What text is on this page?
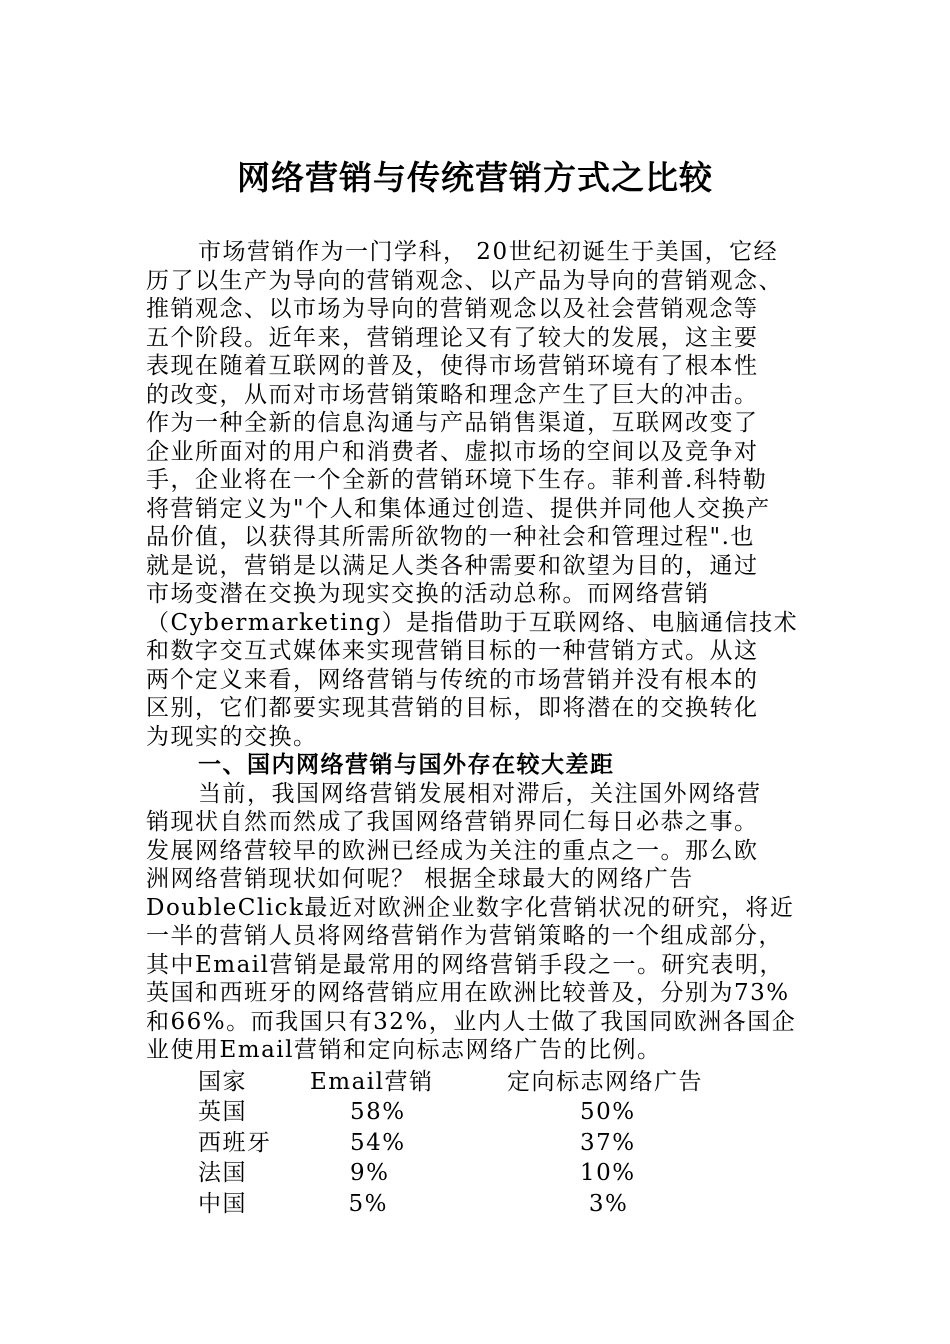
网络营销与传统营销方式之比较
市场营销作为一门学科， 20世纪初诞生于美国，它经
历了以生产为导向的营销观念、以产品为导向的营销观念、
推销观念、以市场为导向的营销观念以及社会营销观念等
五个阶段。近年来，营销理论又有了较大的发展，这主要
表现在随着互联网的普及，使得市场营销环境有了根本性
的改变，从而对市场营销策略和理念产生了巨大的冲击。
作为一种全新的信息沟通与产品销售渠道，互联网改变了
企业所面对的用户和消费者、虚拟市场的空间以及竞争对
手，企业将在一个全新的营销环境下生存。菲利普.科特勒
将营销定义为"个人和集体通过创造、提供并同他人交换产
品价值，以获得其所需所欲物的一种社会和管理过程".也
就是说，营销是以满足人类各种需要和欲望为目的，通过
市场变潜在交换为现实交换的活动总称。而网络营销
（Cybermarketing）是指借助于互联网络、电脑通信技术
和数字交互式媒体来实现营销目标的一种营销方式。从这
两个定义来看，网络营销与传统的市场营销并没有根本的
区别，它们都要实现其营销的目标，即将潜在的交换转化
为现实的交换。
一、国内网络营销与国外存在较大差距
当前，我国网络营销发展相对滞后，关注国外网络营
销现状自然而然成了我国网络营销界同仁每日必恭之事。
发展网络营较早的欧洲已经成为关注的重点之一。那么欧
洲网络营销现状如何呢？ 根据全球最大的网络广告
DoubleClick最近对欧洲企业数字化营销状况的研究，将近
一半的营销人员将网络营销作为营销策略的一个组成部分，
其中Email营销是最常用的网络营销手段之一。研究表明，
英国和西班牙的网络营销应用在欧洲比较普及，分别为73%
和66%。而我国只有32%，业内人士做了我国同欧洲各国企
业使用Email营销和定向标志网络广告的比例。
国家	Email营销	定向标志网络广告
英国	58%	50%
西班牙	54%	37%
法国	9%	10%
中国	5%	3%
